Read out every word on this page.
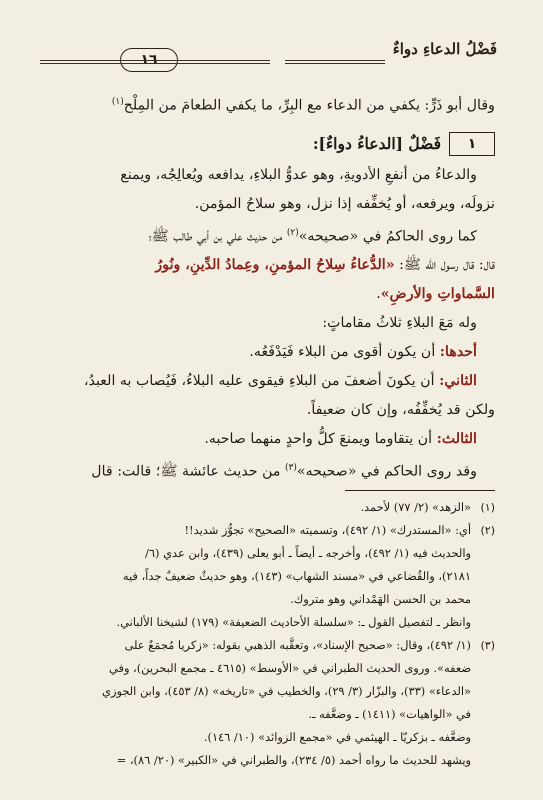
فَضْلُ الدعاءِ دواءٌ
١٦
وقال أبو ذَرٍّ: يكفي من الدعاء مع البِرِّ، ما يكفي الطعامَ من المِلْح$^{(١)}$
١
فَضْلٌ [الدعاءُ دواءٌ]:
والدعاءُ من أنفعِ الأدويةِ، وهو عدوُّ البلاءِ، يدافعه ويُعالِجُه، ويمنع
نزولَه، ويرفعه، أو يُخفِّفه إذا نزل، وهو سلاحُ المؤمن.
كما روى الحاكمُ في «صحيحه»$^{(٢)}$ من حديث علي بن أبي طالب ﷺ؛
قال: قال رسول الله ﷺ: «الدُّعاءُ سِلاحُ المؤمنِ، وعِمادُ الدِّينِ، ونُورُ
السَّماواتِ والأرضِ».
وله مَعَ البلاءِ ثلاثُ مقاماتٍ:
أحدها: أن يكون أقوى من البلاء فَيَدْفَعُه.
الثاني: أن يكونَ أضعفَ من البلاءِ فيقوى عليه البلاءُ، فَيُصاب به العبدُ،
ولكن قد يُخفِّفُه، وإن كان ضعيفاً.
الثالث: أن يتقاوما ويمنعَ كلُّ واحدٍ منهما صاحبه.
وقد روى الحاكم في «صحيحه»$^{(٣)}$ من حديث عائشة ﷺ؛ قالت: قال
(١)
«الزهد» (٢/ ٧٧) لأحمد.
(٢)
أي: «المستدرك» (١/ ٤٩٢)، وتسميته «الصحيح» تجوُّز شديد!!
والحديث فيه (١/ ٤٩٢)، وأخرجه ـ أيضاً ـ أبو يعلى (٤٣٩)، وابن عدي (٦/
٢١٨١)، والقُضاعي في «مسند الشهاب» (١٤٣)، وهو حديثٌ ضعيفٌ جداً، فيه
محمد بن الحسن الهَمْداني وهو متروك.
وانظر ـ لتفصيل القول ـ: «سلسلة الأحاديث الضعيفة» (١٧٩) لشيخنا الألباني.
(٣)
(١/ ٤٩٢)، وقال: «صحيح الإسناد»، وتعقَّبه الذهبي بقوله: «زكريا مُجمَعٌ على
ضعفه». وروى الحديث الطبراني في «الأوسط» (٤٦١٥ ـ مجمع البحرين)، وفي
«الدعاء» (٣٣)، والبزّار (٣/ ٢٩)، والخطيب في «تاريخه» (٨/ ٤٥٣)، وابن الجوزي
في «الواهيات» (١٤١١) ـ وضعَّفه ـ.
وضعَّفه ـ بزكريّا ـ الهيثمي في «مجمع الزوائد» (١٠/ ١٤٦).
ويشهد للحديث ما رواه أحمد (٥/ ٢٣٤)، والطبراني في «الكبير» (٢٠/ ٨٦)، =
